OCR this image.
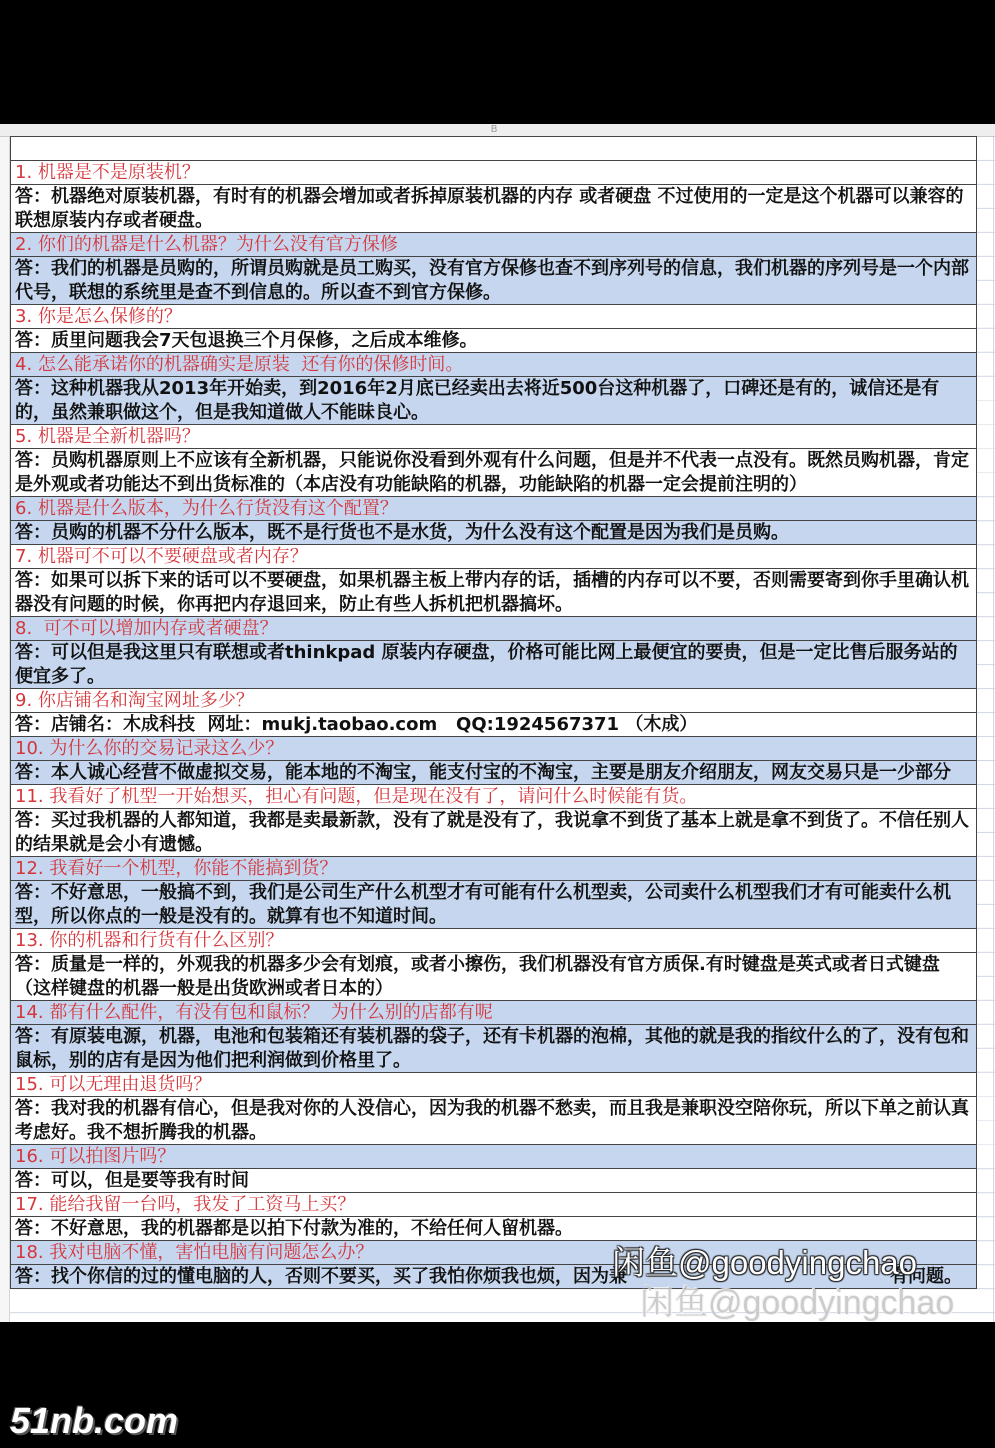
B

1. 机器是不是原装机？
答：机器绝对原装机器，有时有的机器会增加或者拆掉原装机器的内存 或者硬盘 不过使用的一定是这个机器可以兼容的联想原装内存或者硬盘。
2. 你们的机器是什么机器？为什么没有官方保修
答：我们的机器是员购的，所谓员购就是员工购买，没有官方保修也查不到序列号的信息，我们机器的序列号是一个内部代号，联想的系统里是查不到信息的。所以查不到官方保修。
3. 你是怎么保修的？
答：质里问题我会7天包退换三个月保修，之后成本维修。
4. 怎么能承诺你的机器确实是原装  还有你的保修时间。
答：这种机器我从2013年开始卖，到2016年2月底已经卖出去将近500台这种机器了，口碑还是有的，诚信还是有的，虽然兼职做这个，但是我知道做人不能昧良心。
5. 机器是全新机器吗？
答：员购机器原则上不应该有全新机器，只能说你没看到外观有什么问题，但是并不代表一点没有。既然员购机器，肯定是外观或者功能达不到出货标准的（本店没有功能缺陷的机器，功能缺陷的机器一定会提前注明的）
6. 机器是什么版本，为什么行货没有这个配置？
答：员购的机器不分什么版本，既不是行货也不是水货，为什么没有这个配置是因为我们是员购。
7. 机器可不可以不要硬盘或者内存？
答：如果可以拆下来的话可以不要硬盘，如果机器主板上带内存的话，插槽的内存可以不要，否则需要寄到你手里确认机器没有问题的时候，你再把内存退回来，防止有些人拆机把机器搞坏。
8.  可不可以增加内存或者硬盘？
答：可以但是我这里只有联想或者thinkpad 原装内存硬盘，价格可能比网上最便宜的要贵，但是一定比售后服务站的便宜多了。
9. 你店铺名和淘宝网址多少？
答：店铺名：木成科技  网址：mukj.taobao.com   QQ:1924567371 （木成）
10. 为什么你的交易记录这么少？
答：本人诚心经营不做虚拟交易，能本地的不淘宝，能支付宝的不淘宝，主要是朋友介绍朋友，网友交易只是一少部分
11. 我看好了机型一开始想买，担心有问题，但是现在没有了，请问什么时候能有货。
答：买过我机器的人都知道，我都是卖最新款，没有了就是没有了，我说拿不到货了基本上就是拿不到货了。不信任别人的结果就是会小有遗憾。
12. 我看好一个机型，你能不能搞到货？
答：不好意思，一般搞不到，我们是公司生产什么机型才有可能有什么机型卖，公司卖什么机型我们才有可能卖什么机型，所以你点的一般是没有的。就算有也不知道时间。
13. 你的机器和行货有什么区别？
答：质量是一样的，外观我的机器多少会有划痕，或者小擦伤，我们机器没有官方质保.有时键盘是英式或者日式键盘（这样键盘的机器一般是出货欧洲或者日本的）
14. 都有什么配件，有没有包和鼠标？  为什么别的店都有呢
答：有原装电源，机器，电池和包装箱还有装机器的袋子，还有卡机器的泡棉，其他的就是我的指纹什么的了，没有包和鼠标，别的店有是因为他们把利润做到价格里了。
15. 可以无理由退货吗？
答：我对我的机器有信心，但是我对你的人没信心，因为我的机器不愁卖，而且我是兼职没空陪你玩，所以下单之前认真考虑好。我不想折腾我的机器。
16. 可以拍图片吗？
答：可以，但是要等我有时间
17. 能给我留一台吗，我发了工资马上买？
答：不好意思，我的机器都是以拍下付款为准的，不给任何人留机器。
18. 我对电脑不懂，害怕电脑有问题怎么办？
答：找个你信的过的懂电脑的人，否则不要买，买了我怕你烦我也烦，因为兼	有问题。
闲鱼@goodyingchao
闲鱼@goodyingchao
51nb.com
